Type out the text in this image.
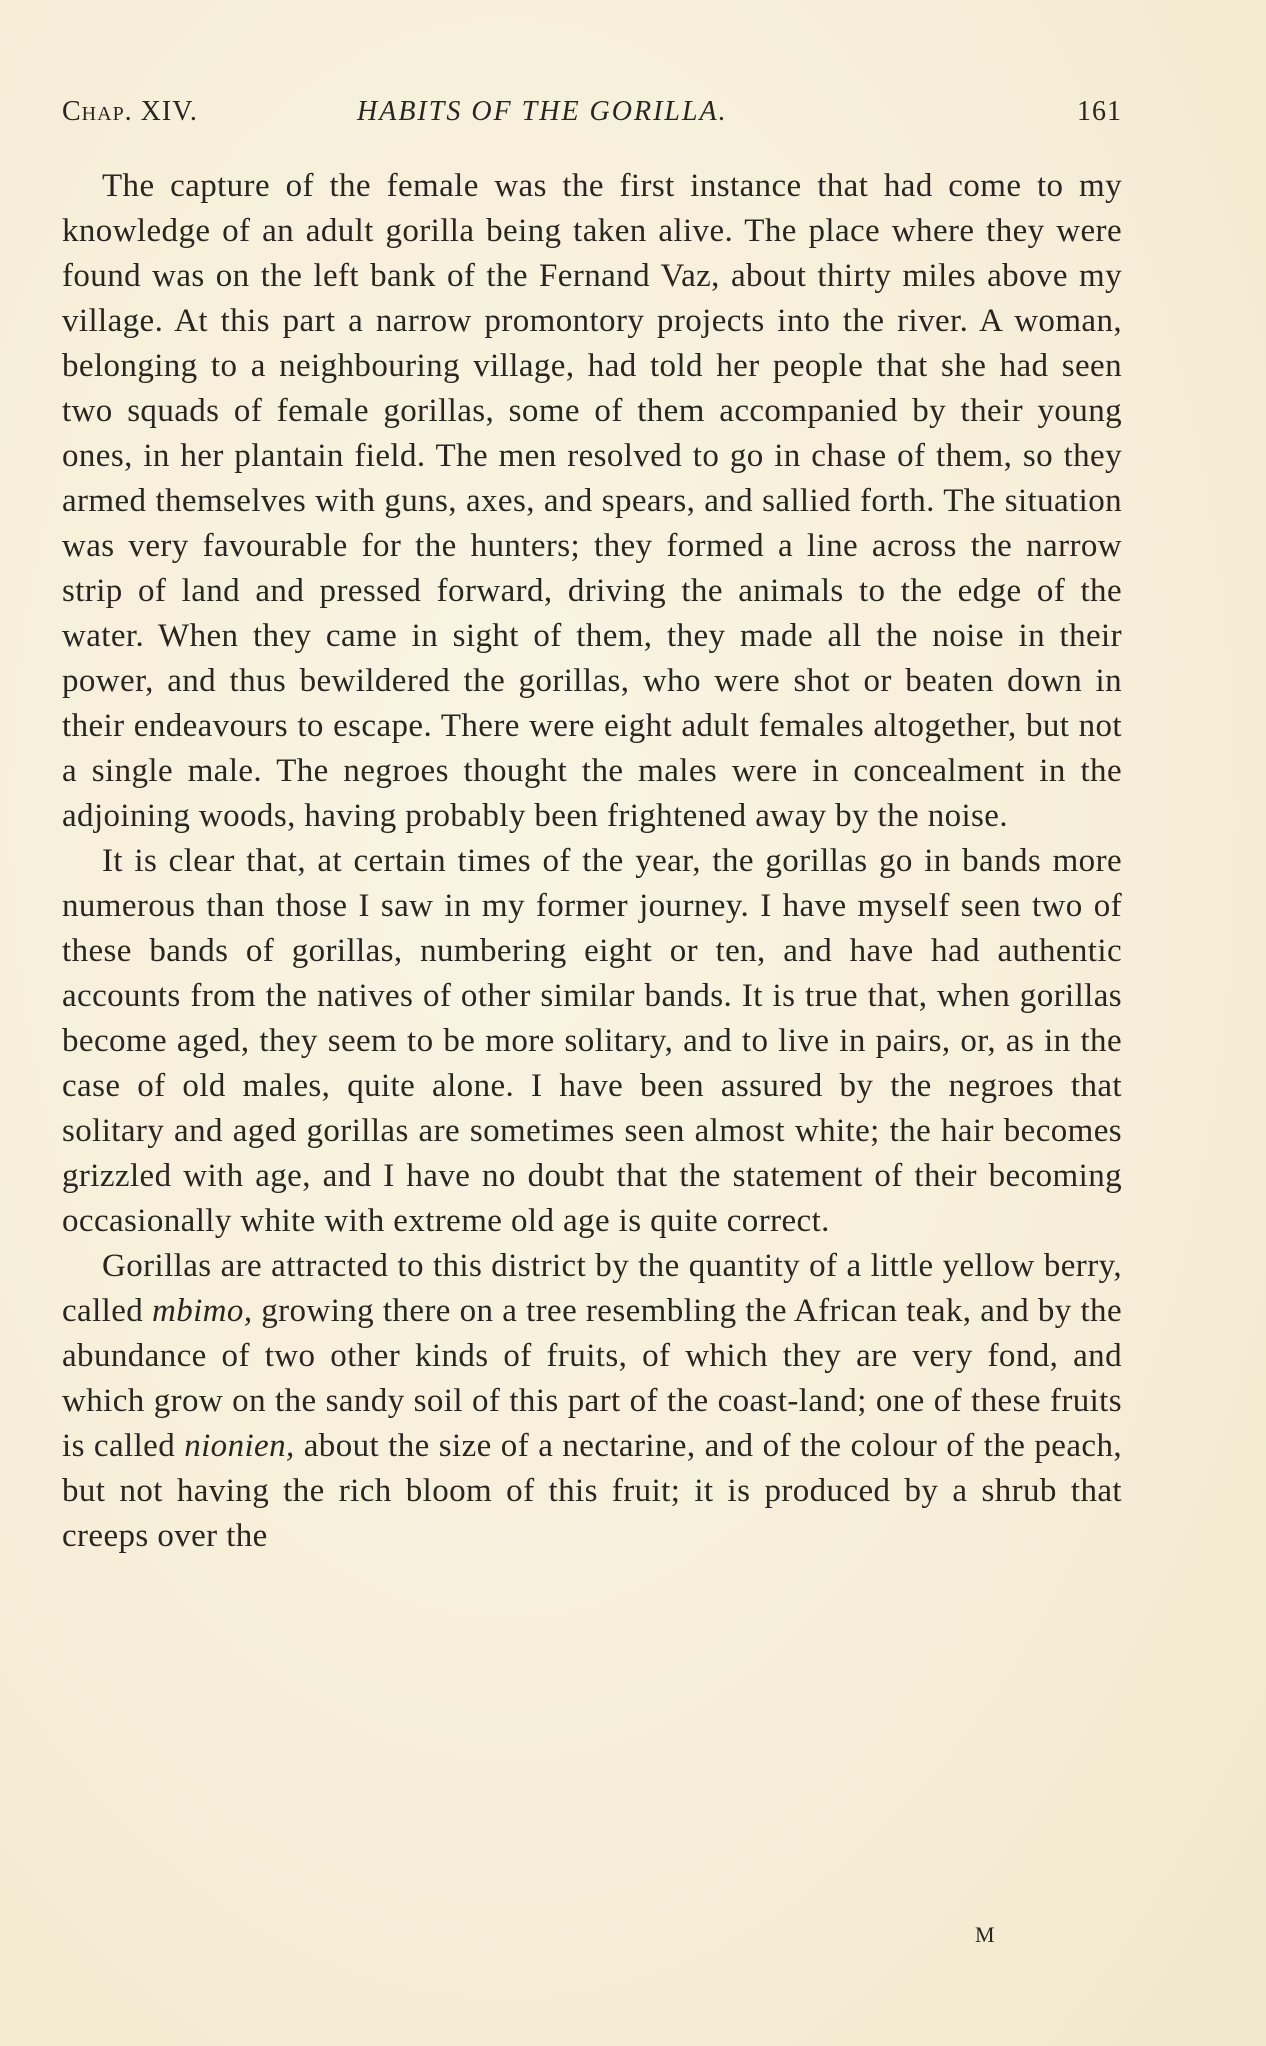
Chap. XIV.	HABITS OF THE GORILLA.	161

The capture of the female was the first instance that had come to my knowledge of an adult gorilla being taken alive. The place where they were found was on the left bank of the Fernand Vaz, about thirty miles above my village. At this part a narrow promontory projects into the river. A woman, belonging to a neighbouring village, had told her people that she had seen two squads of female gorillas, some of them accompanied by their young ones, in her plantain field. The men resolved to go in chase of them, so they armed themselves with guns, axes, and spears, and sallied forth. The situation was very favourable for the hunters; they formed a line across the narrow strip of land and pressed forward, driving the animals to the edge of the water. When they came in sight of them, they made all the noise in their power, and thus bewildered the gorillas, who were shot or beaten down in their endeavours to escape. There were eight adult females altogether, but not a single male. The negroes thought the males were in concealment in the adjoining woods, having probably been frightened away by the noise.

It is clear that, at certain times of the year, the gorillas go in bands more numerous than those I saw in my former journey. I have myself seen two of these bands of gorillas, numbering eight or ten, and have had authentic accounts from the natives of other similar bands. It is true that, when gorillas become aged, they seem to be more solitary, and to live in pairs, or, as in the case of old males, quite alone. I have been assured by the negroes that solitary and aged gorillas are sometimes seen almost white; the hair becomes grizzled with age, and I have no doubt that the statement of their becoming occasionally white with extreme old age is quite correct.

Gorillas are attracted to this district by the quantity of a little yellow berry, called mbimo, growing there on a tree resembling the African teak, and by the abundance of two other kinds of fruits, of which they are very fond, and which grow on the sandy soil of this part of the coast-land; one of these fruits is called nionien, about the size of a nectarine, and of the colour of the peach, but not having the rich bloom of this fruit; it is produced by a shrub that creeps over the

M
